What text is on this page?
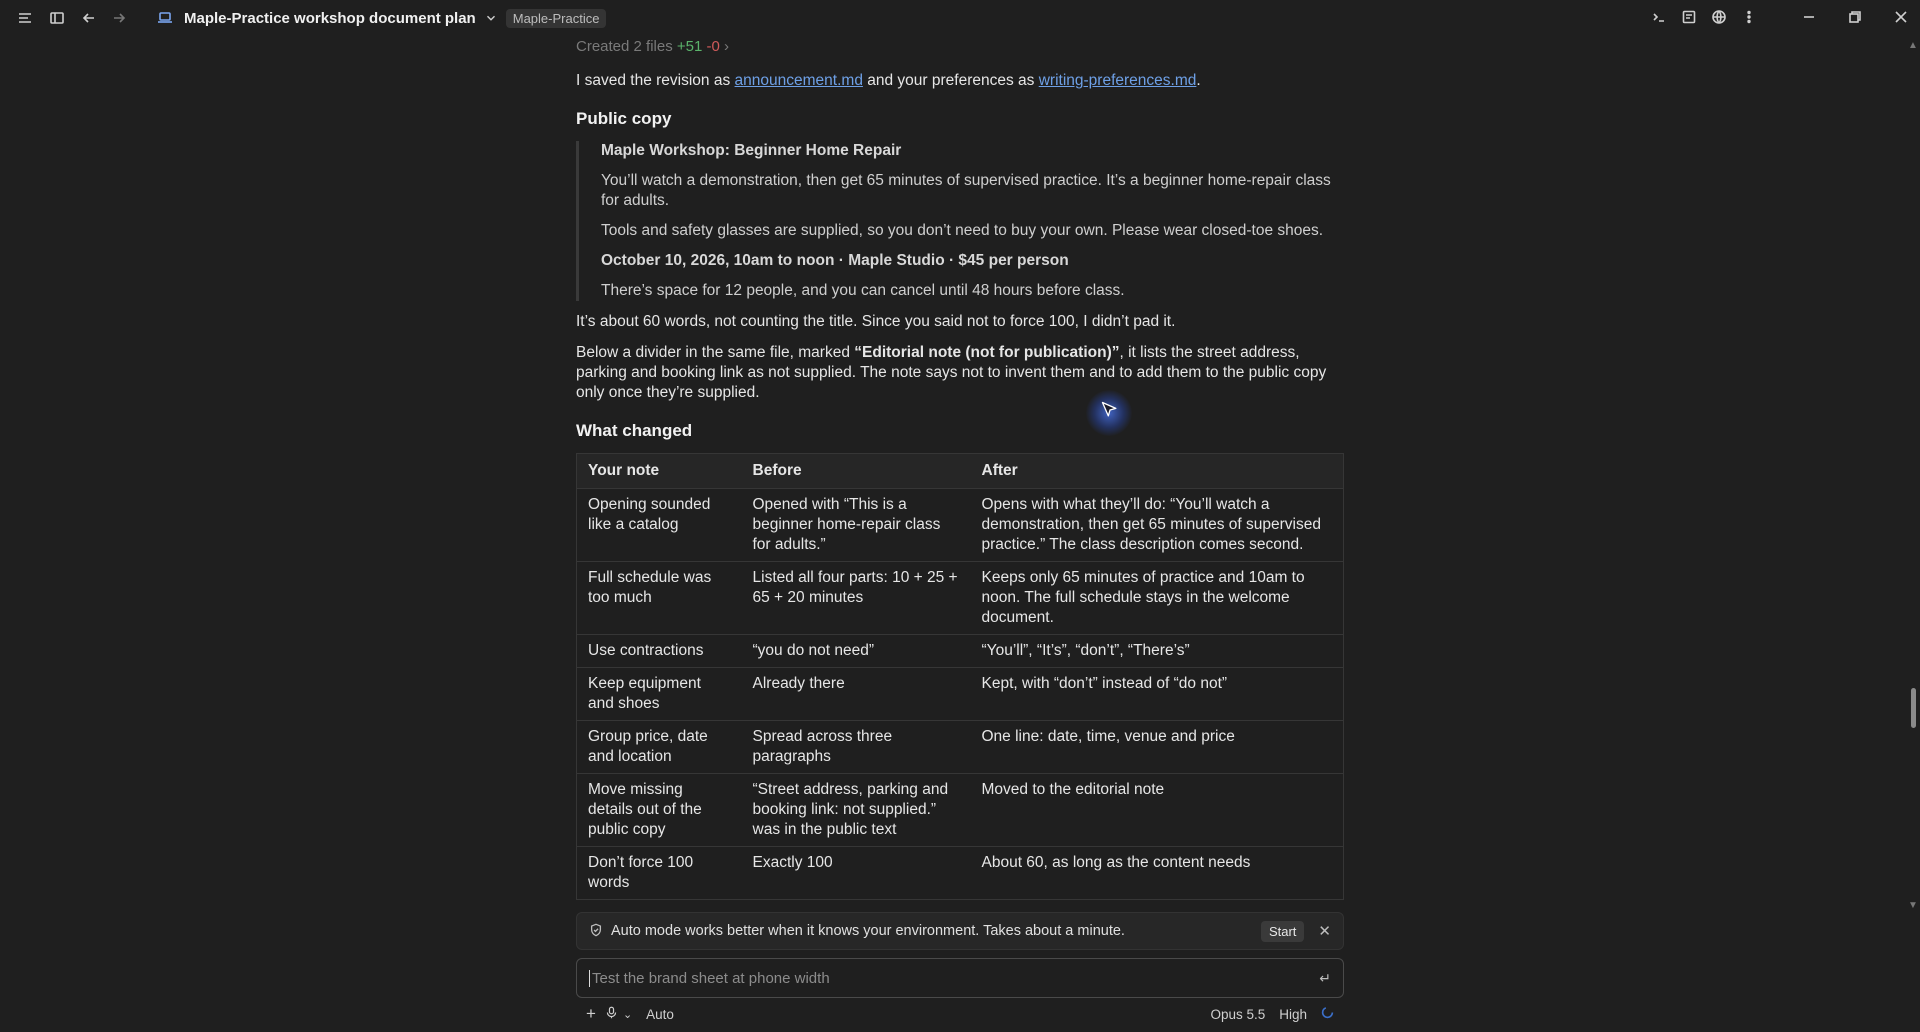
Maple-Practice workshop document plan	Maple-Practice
Created 2 files +51 -0 ›
I saved the revision as announcement.md and your preferences as writing-preferences.md.
Public copy
Maple Workshop: Beginner Home Repair
You’ll watch a demonstration, then get 65 minutes of supervised practice. It’s a beginner home-repair class for adults.
Tools and safety glasses are supplied, so you don’t need to buy your own. Please wear closed-toe shoes.
October 10, 2026, 10am to noon · Maple Studio · $45 per person
There’s space for 12 people, and you can cancel until 48 hours before class.
It’s about 60 words, not counting the title. Since you said not to force 100, I didn’t pad it.
Below a divider in the same file, marked “Editorial note (not for publication)”, it lists the street address, parking and booking link as not supplied. The note says not to invent them and to add them to the public copy only once they’re supplied.
What changed
Your note	Before	After
Opening sounded like a catalog	Opened with “This is a beginner home-repair class for adults.”	Opens with what they’ll do: “You’ll watch a demonstration, then get 65 minutes of supervised practice.” The class description comes second.
Full schedule was too much	Listed all four parts: 10 + 25 + 65 + 20 minutes	Keeps only 65 minutes of practice and 10am to noon. The full schedule stays in the welcome document.
Use contractions	“you do not need”	“You’ll”, “It’s”, “don’t”, “There’s”
Keep equipment and shoes	Already there	Kept, with “don’t” instead of “do not”
Group price, date and location	Spread across three paragraphs	One line: date, time, venue and price
Move missing details out of the public copy	“Street address, parking and booking link: not supplied.” was in the public text	Moved to the editorial note
Don’t force 100 words	Exactly 100	About 60, as long as the content needs
▲
▼
Auto mode works better when it knows your environment. Takes about a minute.	Start	✕
Test the brand sheet at phone width
↵
+ ⌄ Auto	Opus 5.5 High
